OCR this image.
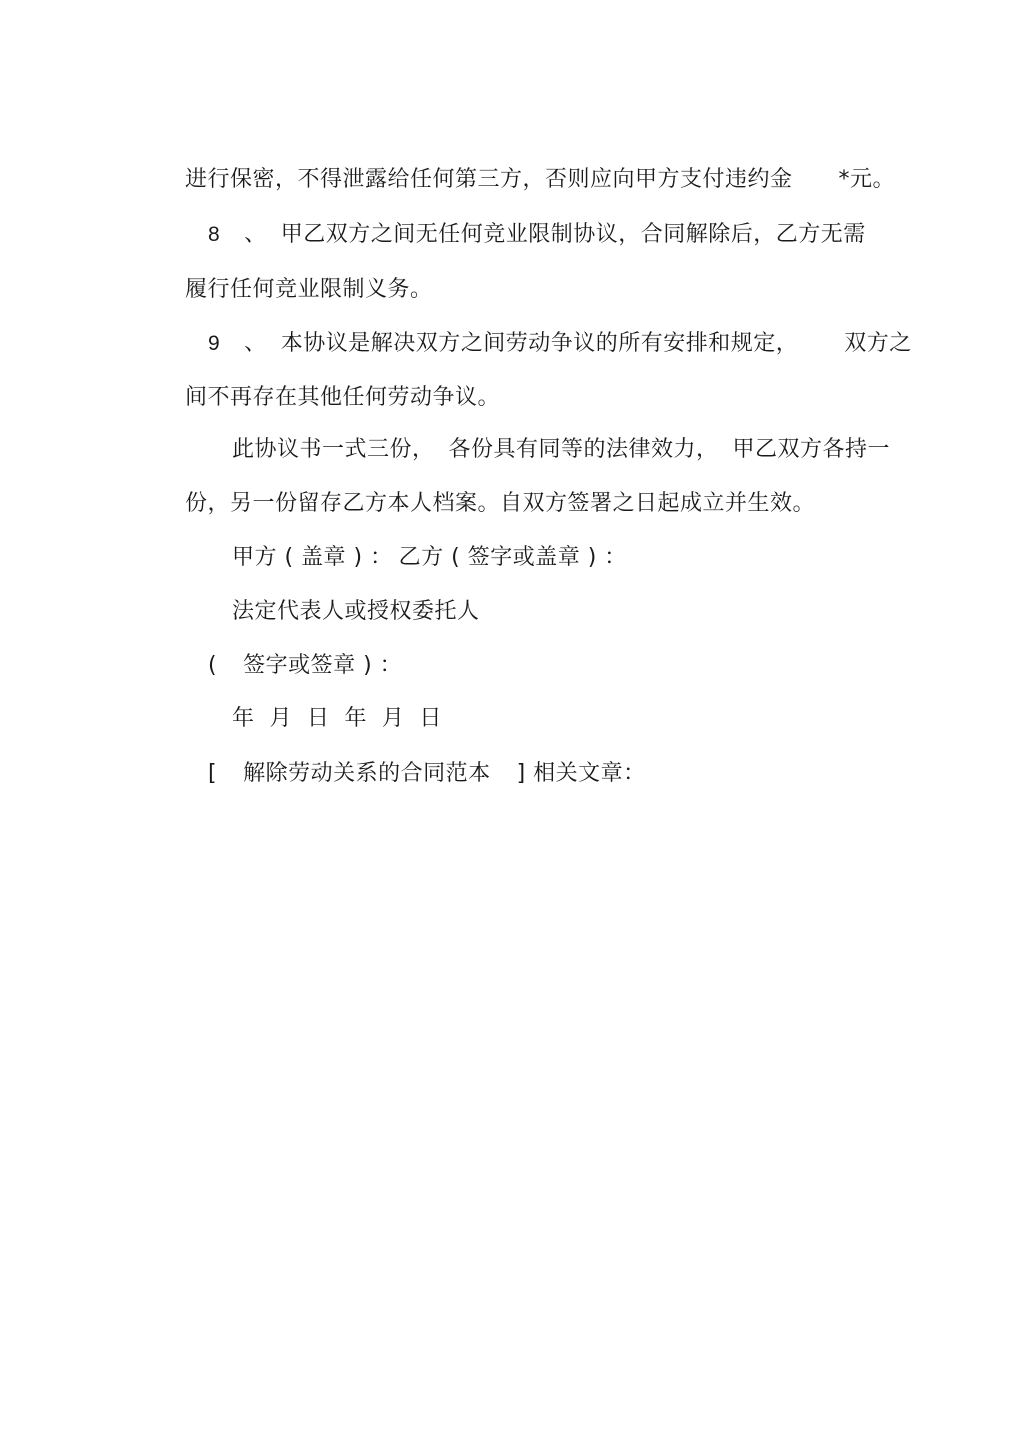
进行保密，不得泄露给任何第三方，否则应向甲方支付违约金 *元。

8 、 甲乙双方之间无任何竞业限制协议，合同解除后，乙方无需

履行任何竞业限制义务。

9 、 本协议是解决双方之间劳动争议的所有安排和规定， 双方之

间不再存在其他任何劳动争议。

此协议书一式三份， 各份具有同等的法律效力， 甲乙双方各持一

份，另一份留存乙方本人档案。自双方签署之日起成立并生效。

甲方 ( 盖章 ) ： 乙方 ( 签字或盖章 ) ：

法定代表人或授权委托人

( 签字或签章 ) ：

年  月  日  年  月  日

[ 解除劳动关系的合同范本 ] 相关文章：
